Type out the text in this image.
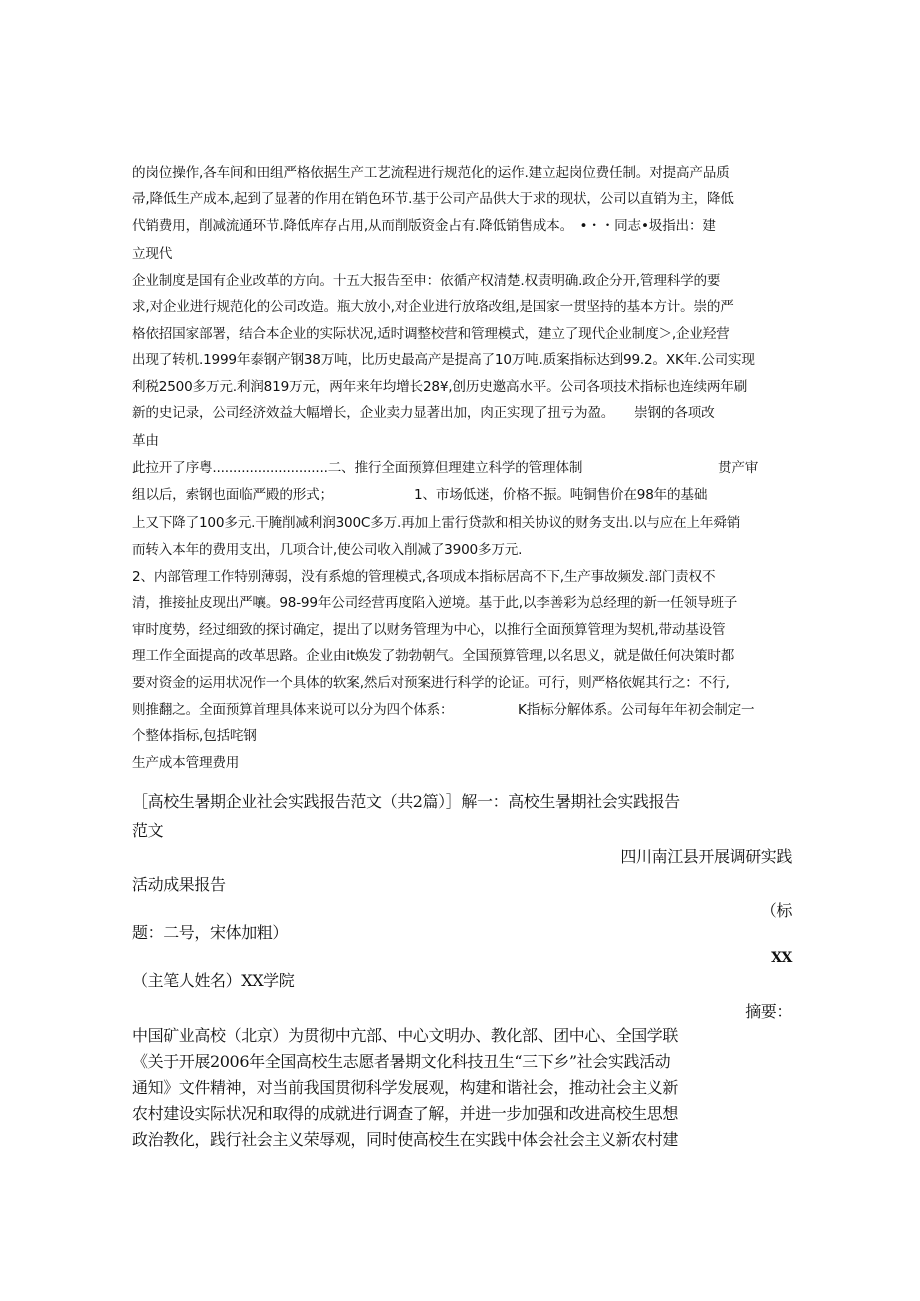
的岗位操作,各车间和田组严格依据生产工艺流程进行规范化的运作.建立起岗位费任制。对提高产品质
帚,降低生产成本,起到了显著的作用在销色环节.基于公司产品供大于求的现状，公司以直销为主，降低
代销费用，削减流通环节.降低库存占用,从而削版资金占有.降低销售成本。　•・・同志•圾指出：建
立现代
企业制度是国有企业改革的方向。十五大报告至申：依循产权清楚.权责明确.政企分开,管理科学的要
求,对企业进行规范化的公司改造。瓶大放小,对企业进行放珞改组,是国家一贯坚持的基本方计。崇的严
格依招国家部署，结合本企业的实际状况,适时调整校营和管理模式，建立了现代企业制度＞,企业羟营
出现了转机.1999年泰钢产钢38万吨，比历史最高产是提高了10万吨.质案指标达到99.2。XK年.公司实现
利税2500多万元.利润819万元，两年来年均增长28¥,创历史邀高水平。公司各项技术指标也连续两年刷
新的史记录，公司经济效益大幅增长，企业卖力显著出加，肉正实现了扭亏为盈。　　崇钢的各项改
革由
此拉开了序粤............................二、推行全面预算但理建立科学的管理体制	贯产审
组以后，索钢也面临严殿的形式；	1、市场低迷，价格不振。吨铜售价在98年的基础
上又下降了100多元.干腌削减利润300C多万.再加上雷行贷款和相关协议的财务支出.以与应在上年舜销
而转入本年的费用支出，几项合计,使公司收入削减了3900多万元.
2、内部管理工作特别薄弱，没有系熄的管理模式,各项成本指标居高不下,生产事故频发.部门责权不
清，推接扯皮现出严嚷。98-99年公司经营再度陷入逆境。基于此,以李善彩为总经理的新一任领导班子
审时度势，经过细致的探讨确定，提出了以财务管理为中心，以推行全面预算管理为契机,带动基设管
理工作全面提高的改革思路。企业由it焕发了勃勃朝气。全国预算管理,以名思义，就是做任何决策时都
要对资金的运用状况作一个具体的软案,然后对预案进行科学的论证。可行，则严格依娓其行之：不行,
则推翻之。全面预算首理具体来说可以分为四个体系：	K指标分解体系。公司每年年初会制定一
个整体指标,包括咤钢
生产成本管理费用
［高校生暑期企业社会实践报告范文（共2篇）］解一：高校生暑期社会实践报告
范文
四川南江县开展调研实践
活动成果报告
（标
题：二号，宋体加粗）
XX
（主笔人姓名）XX学院
摘要：
中国矿业高校（北京）为贯彻中亢部、中心文明办、教化部、团中心、全国学联
《关于开展2006年全国高校生志愿者暑期文化科技丑生“三下乡”社会实践活动
通知》文件精神，对当前我国贯彻科学发展观，构建和谐社会，推动社会主义新
农村建设实际状况和取得的成就进行调查了解，并进一步加强和改进高校生思想
政治教化，践行社会主义荣辱观，同时使高校生在实践中体会社会主义新农村建
